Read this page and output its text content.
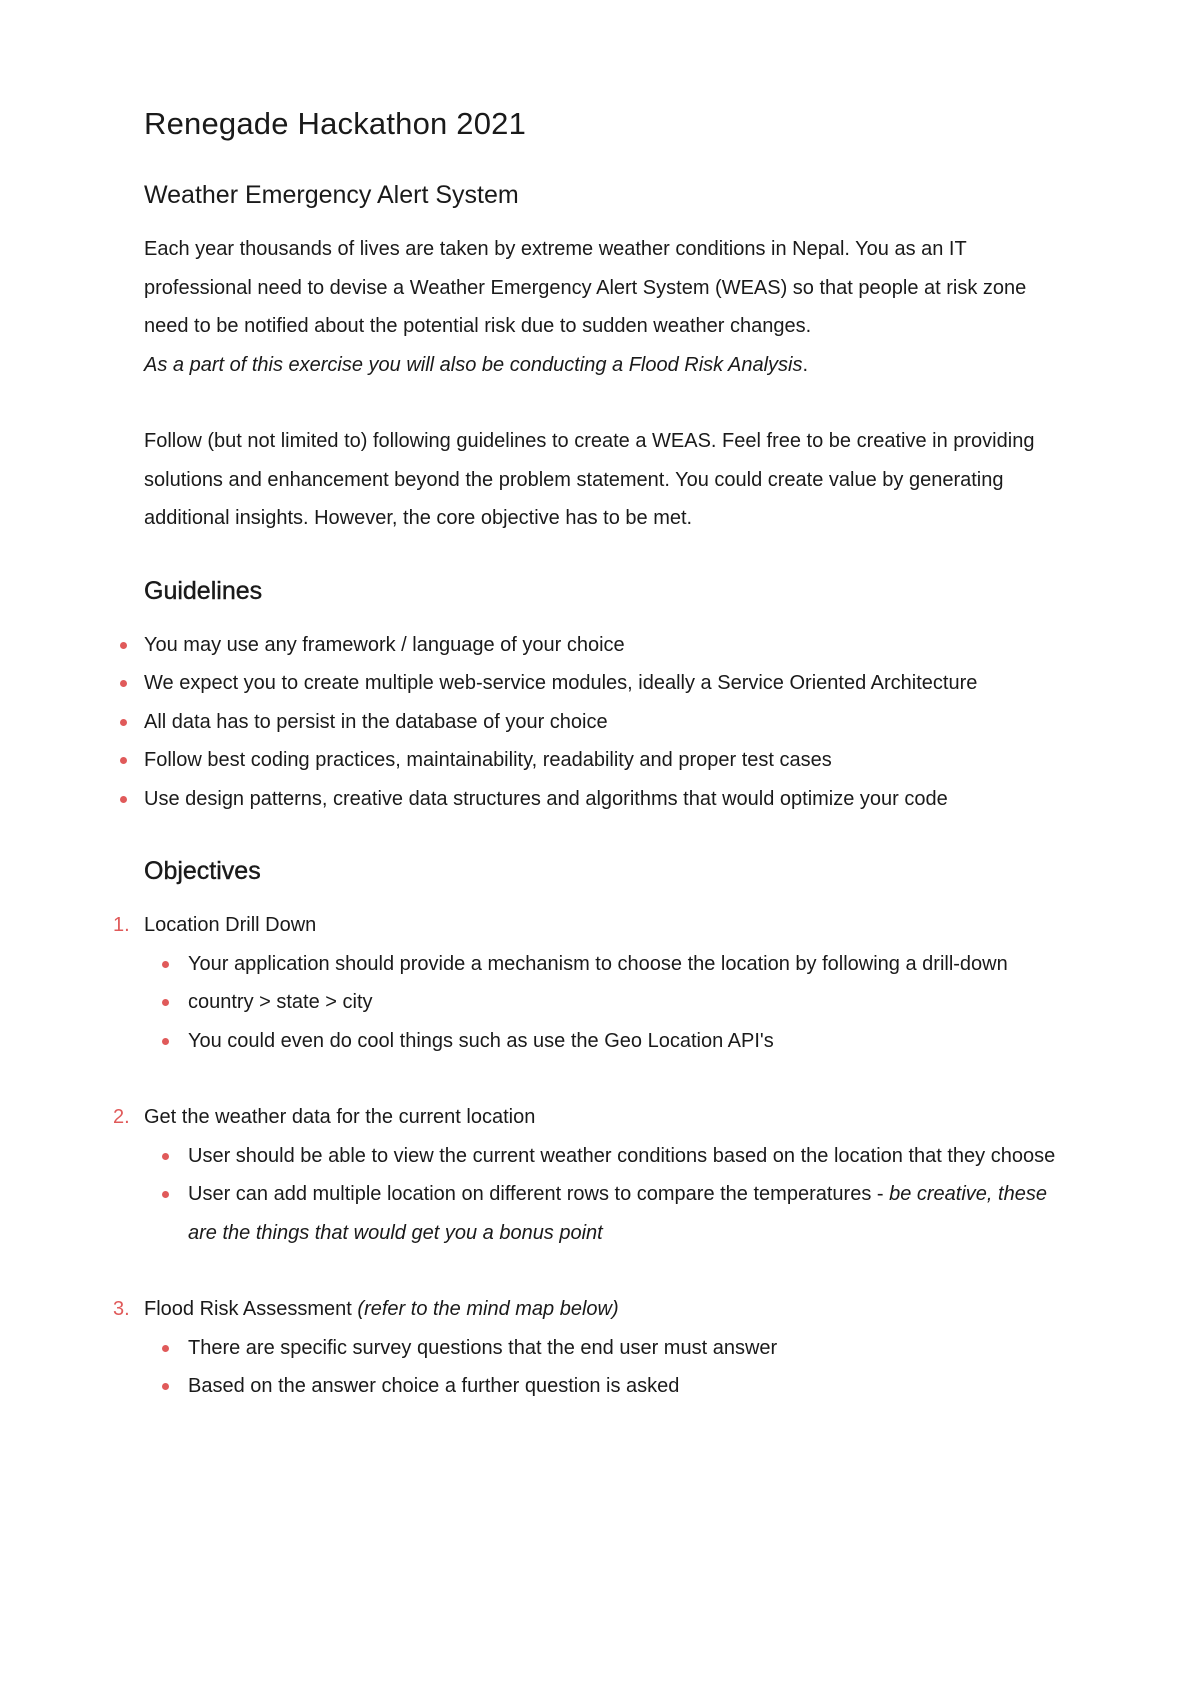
Renegade Hackathon 2021
Weather Emergency Alert System

Each year thousands of lives are taken by extreme weather conditions in Nepal. You as an IT professional need to devise a Weather Emergency Alert System (WEAS) so that people at risk zone need to be notified about the potential risk due to sudden weather changes.
As a part of this exercise you will also be conducting a Flood Risk Analysis.

Follow (but not limited to) following guidelines to create a WEAS. Feel free to be creative in providing solutions and enhancement beyond the problem statement. You could create value by generating additional insights. However, the core objective has to be met.

Guidelines
You may use any framework / language of your choice
We expect you to create multiple web-service modules, ideally a Service Oriented Architecture
All data has to persist in the database of your choice
Follow best coding practices, maintainability, readability and proper test cases
Use design patterns, creative data structures and algorithms that would optimize your code
Objectives
1. Location Drill Down
Your application should provide a mechanism to choose the location by following a drill-down
country > state > city
You could even do cool things such as use the Geo Location API's
2. Get the weather data for the current location
User should be able to view the current weather conditions based on the location that they choose
User can add multiple location on different rows to compare the temperatures - be creative, these are the things that would get you a bonus point
3. Flood Risk Assessment (refer to the mind map below)
There are specific survey questions that the end user must answer
Based on the answer choice a further question is asked
